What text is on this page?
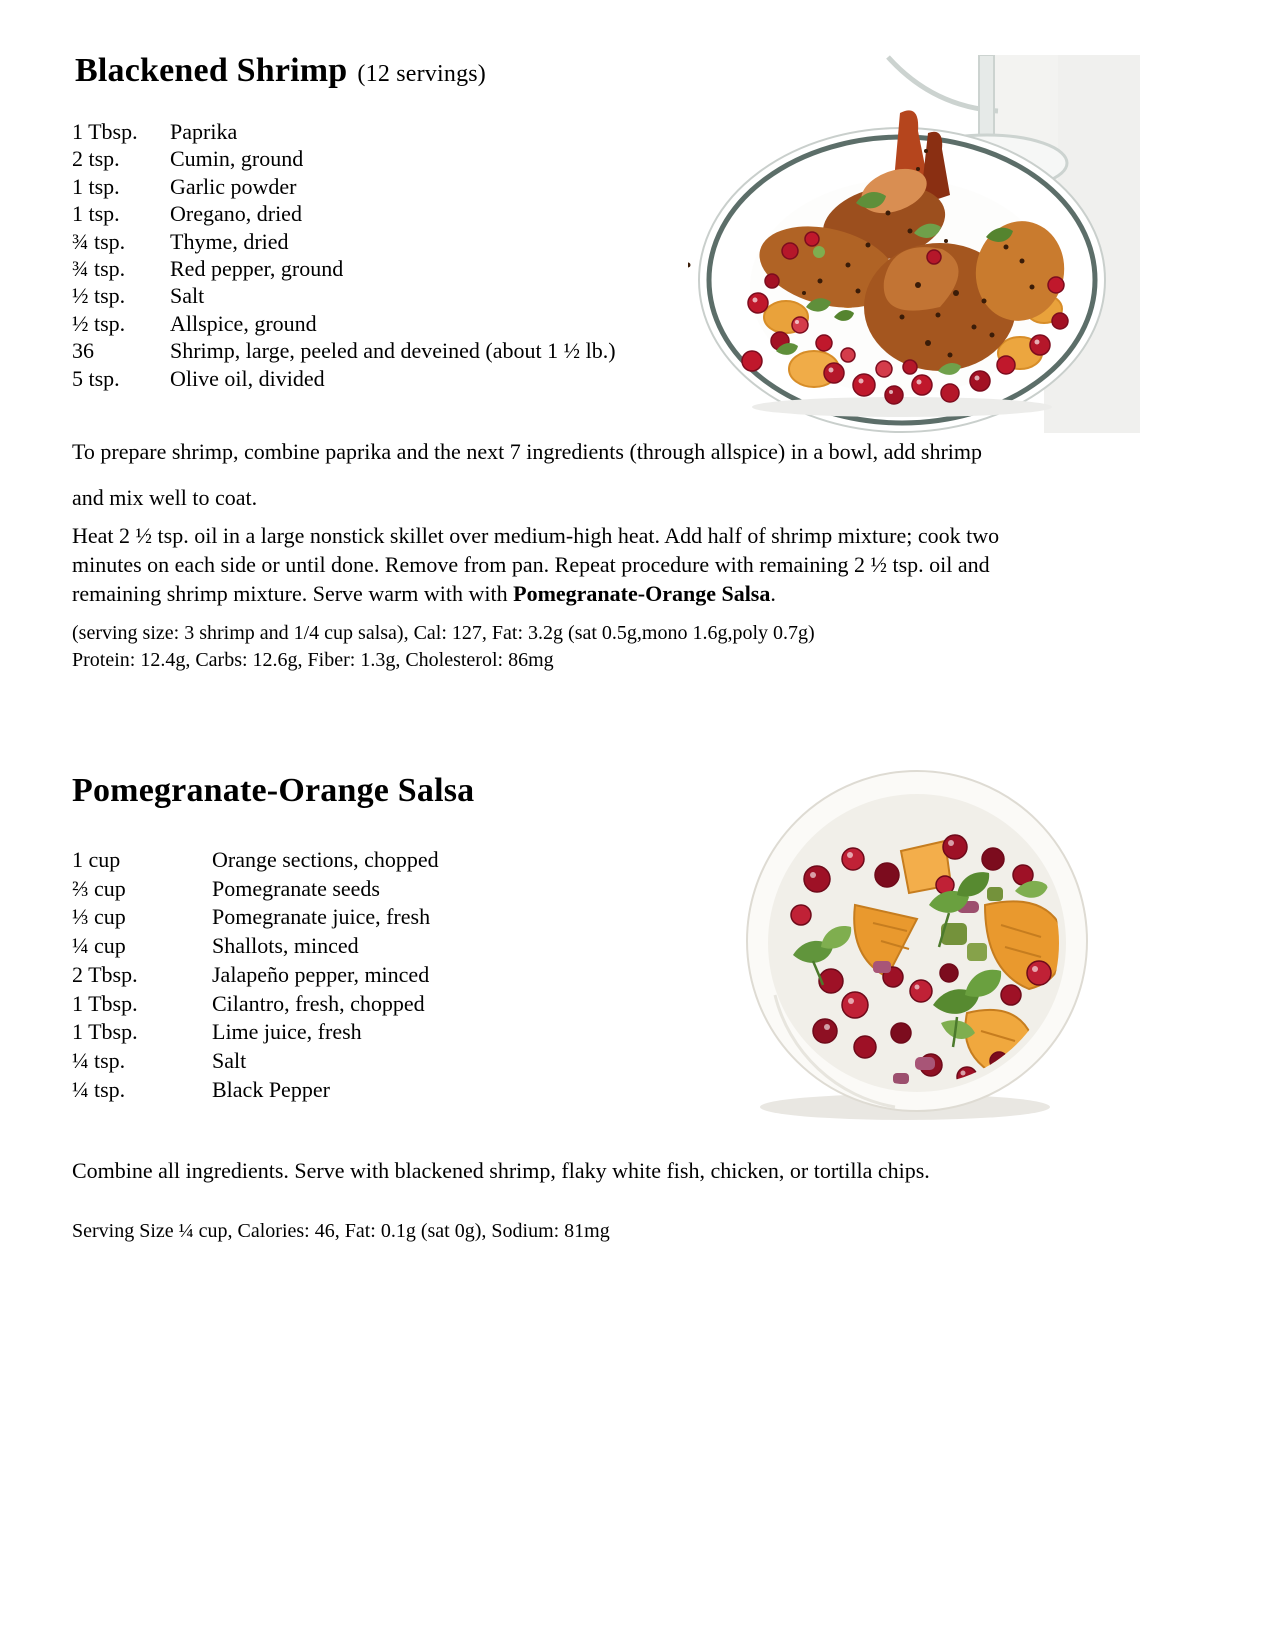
Blackened Shrimp (12 servings)
1 Tbsp.	Paprika
2 tsp.	Cumin, ground
1 tsp.	Garlic powder
1 tsp.	Oregano, dried
¾ tsp.	Thyme, dried
¾ tsp.	Red pepper, ground
½ tsp.	Salt
½ tsp.	Allspice, ground
36	Shrimp, large, peeled and deveined (about 1 ½ lb.)
5 tsp.	Olive oil, divided
To prepare shrimp, combine paprika and the next 7 ingredients (through allspice) in a bowl, add shrimp
and mix well to coat.
Heat 2 ½ tsp. oil in a large nonstick skillet over medium-high heat. Add half of shrimp mixture; cook two
minutes on each side or until done. Remove from pan. Repeat procedure with remaining 2 ½ tsp. oil and
remaining shrimp mixture. Serve warm with with Pomegranate-Orange Salsa.
(serving size: 3 shrimp and 1/4 cup salsa), Cal: 127, Fat: 3.2g (sat 0.5g,mono 1.6g,poly 0.7g)
Protein: 12.4g, Carbs: 12.6g, Fiber: 1.3g, Cholesterol: 86mg
Pomegranate-Orange Salsa
1 cup	Orange sections, chopped
⅔ cup	Pomegranate seeds
⅓ cup	Pomegranate juice, fresh
¼ cup	Shallots, minced
2 Tbsp.	Jalapeño pepper, minced
1 Tbsp.	Cilantro, fresh, chopped
1 Tbsp.	Lime juice, fresh
¼ tsp.	Salt
¼ tsp.	Black Pepper
Combine all ingredients. Serve with blackened shrimp, flaky white fish, chicken, or tortilla chips.
Serving Size ¼ cup, Calories: 46, Fat: 0.1g (sat 0g), Sodium: 81mg
